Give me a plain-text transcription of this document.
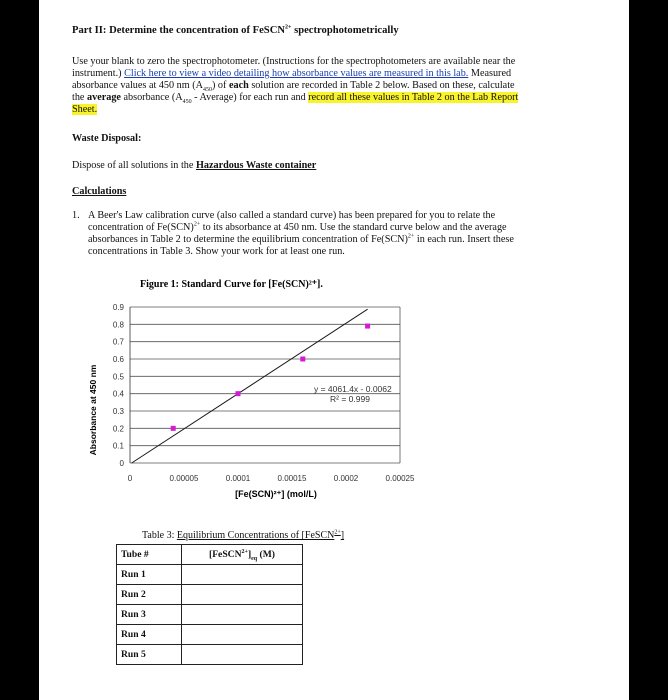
Part II: Determine the concentration of FeSCN$^{2+}$ spectrophotometrically
Use your blank to zero the spectrophotometer. (Instructions for the spectrophotometers are available near the
instrument.) Click here to view a video detailing how absorbance values are measured in this lab. Measured
absorbance values at 450 nm $(A_{450})$ of each solution are recorded in Table 2 below. Based on these, calculate
the average absorbance ($A_{450}$ - Average) for each run and record all these values in Table 2 on the Lab Report
Sheet.
Waste Disposal:
Dispose of all solutions in the Hazardous Waste container
Calculations
1. A Beer's Law calibration curve (also called a standard curve) has been prepared for you to relate the
concentration of Fe(SCN)$^{2+}$ to its absorbance at 450 nm. Use the standard curve below and the average
absorbances in Table 2 to determine the equilibrium concentration of Fe(SCN)$^{2+}$ in each run. Insert these
concentrations in Table 3. Show your work for at least one run.
Figure 1: Standard Curve for [Fe(SCN)²⁺].
0
0.1
0.2
0.3
0.4
0.5
0.6
0.7
0.8
0.9
0	0.00005	0.0001	0.00015	0.0002	0.00025
y = 4061.4x - 0.0062
R² = 0.999
[Fe(SCN)²⁺] (mol/L)
Absorbance at 450 nm
Table 3: Equilibrium Concentrations of [FeSCN$^{2+}$]
Tube #	$[FeSCN^{2+}]_{eq}$ (M)
Run 1	
Run 2	
Run 3	
Run 4	
Run 5	
